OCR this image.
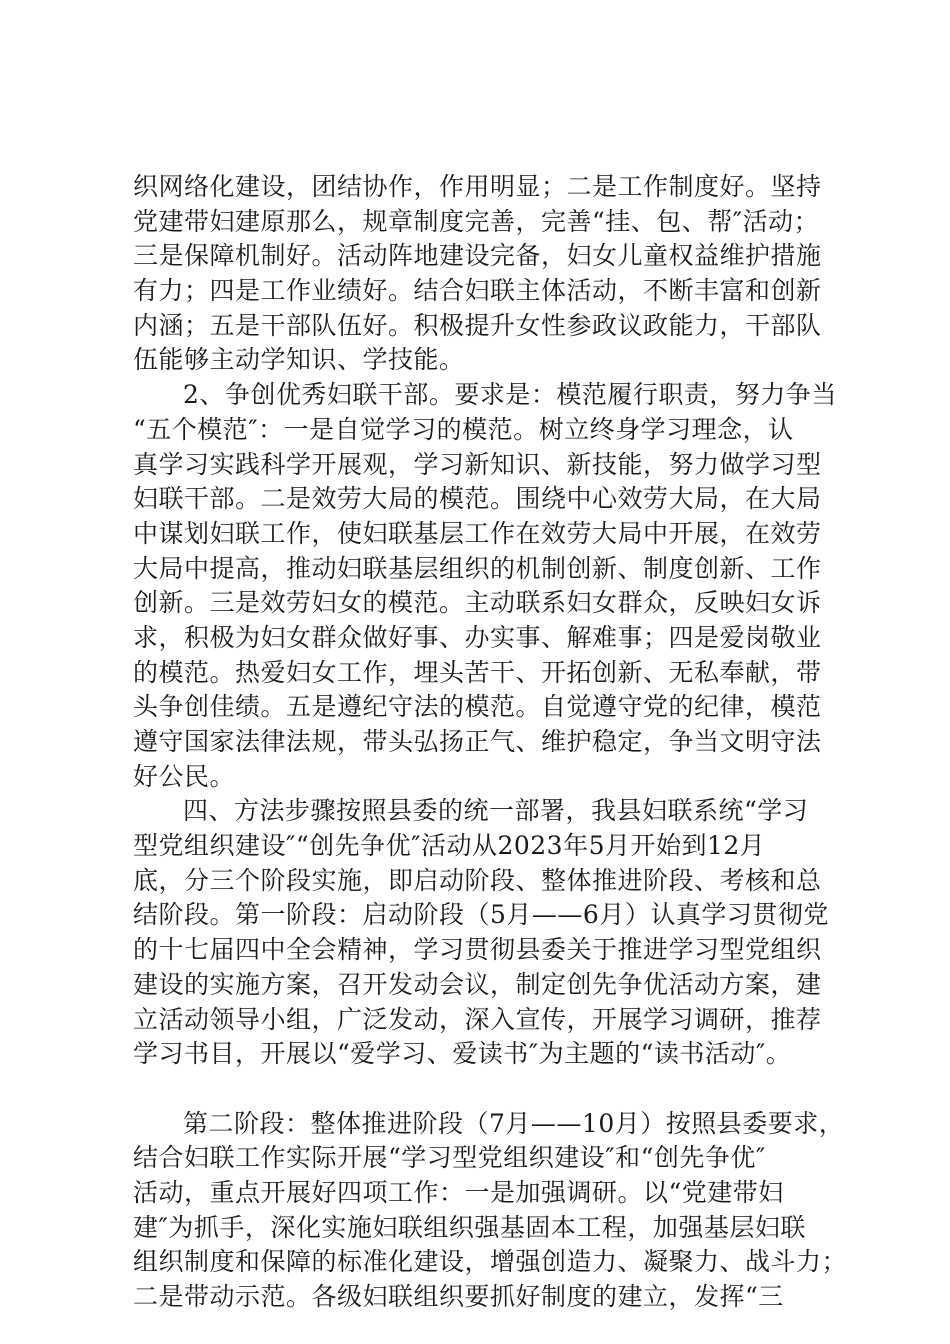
织网络化建设，团结协作，作用明显；二是工作制度好。坚持
党建带妇建原那么，规章制度完善，完善“挂、包、帮″活动；
三是保障机制好。活动阵地建设完备，妇女儿童权益维护措施
有力；四是工作业绩好。结合妇联主体活动，不断丰富和创新
内涵；五是干部队伍好。积极提升女性参政议政能力，干部队
伍能够主动学知识、学技能。
2、争创优秀妇联干部。要求是：模范履行职责，努力争当
“五个模范″：一是自觉学习的模范。树立终身学习理念，认
真学习实践科学开展观，学习新知识、新技能，努力做学习型
妇联干部。二是效劳大局的模范。围绕中心效劳大局，在大局
中谋划妇联工作，使妇联基层工作在效劳大局中开展，在效劳
大局中提高，推动妇联基层组织的机制创新、制度创新、工作
创新。三是效劳妇女的模范。主动联系妇女群众，反映妇女诉
求，积极为妇女群众做好事、办实事、解难事；四是爱岗敬业
的模范。热爱妇女工作，埋头苦干、开拓创新、无私奉献，带
头争创佳绩。五是遵纪守法的模范。自觉遵守党的纪律，模范
遵守国家法律法规，带头弘扬正气、维护稳定，争当文明守法
好公民。
四、方法步骤按照县委的统一部署，我县妇联系统“学习
型党组织建设″“创先争优″活动从2023年5月开始到12月
底，分三个阶段实施，即启动阶段、整体推进阶段、考核和总
结阶段。第一阶段：启动阶段（5月——6月）认真学习贯彻党
的十七届四中全会精神，学习贯彻县委关于推进学习型党组织
建设的实施方案，召开发动会议，制定创先争优活动方案，建
立活动领导小组，广泛发动，深入宣传，开展学习调研，推荐
学习书目，开展以“爱学习、爱读书″为主题的“读书活动″。
第二阶段：整体推进阶段（7月——10月）按照县委要求，
结合妇联工作实际开展“学习型党组织建设″和“创先争优″
活动，重点开展好四项工作：一是加强调研。以“党建带妇
建″为抓手，深化实施妇联组织强基固本工程，加强基层妇联
组织制度和保障的标准化建设，增强创造力、凝聚力、战斗力；
二是带动示范。各级妇联组织要抓好制度的建立，发挥“三
